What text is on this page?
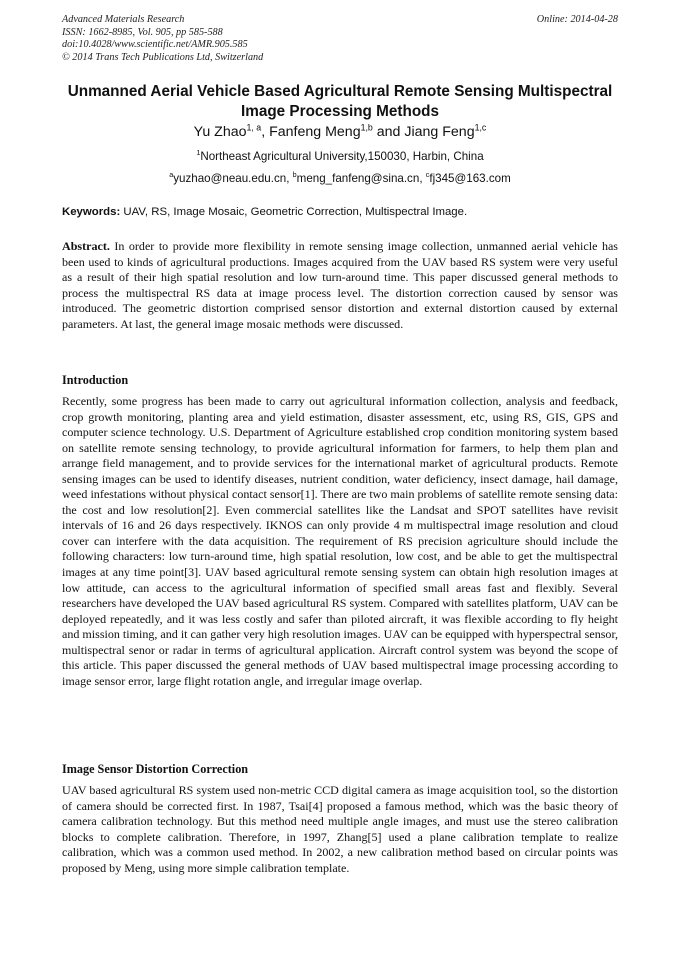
Advanced Materials Research
ISSN: 1662-8985, Vol. 905, pp 585-588
doi:10.4028/www.scientific.net/AMR.905.585
© 2014 Trans Tech Publications Ltd, Switzerland
Online: 2014-04-28
Unmanned Aerial Vehicle Based Agricultural Remote Sensing Multispectral Image Processing Methods
Yu Zhao$^{1, a}$, Fanfeng Meng$^{1,b}$ and Jiang Feng$^{1,c}$
$^1$Northeast Agricultural University,150030, Harbin, China
$^a$yuzhao@neau.edu.cn, $^b$meng_fanfeng@sina.cn, $^c$fj345@163.com
Keywords: UAV, RS, Image Mosaic, Geometric Correction, Multispectral Image.
Abstract. In order to provide more flexibility in remote sensing image collection, unmanned aerial vehicle has been used to kinds of agricultural productions. Images acquired from the UAV based RS system were very useful as a result of their high spatial resolution and low turn-around time. This paper discussed general methods to process the multispectral RS data at image process level. The distortion correction caused by sensor was introduced. The geometric distortion comprised sensor distortion and external distortion caused by external parameters. At last, the general image mosaic methods were discussed.
Introduction
Recently, some progress has been made to carry out agricultural information collection, analysis and feedback, crop growth monitoring, planting area and yield estimation, disaster assessment, etc, using RS, GIS, GPS and computer science technology. U.S. Department of Agriculture established crop condition monitoring system based on satellite remote sensing technology, to provide agricultural information for farmers, to help them plan and arrange field management, and to provide services for the international market of agricultural products. Remote sensing images can be used to identify diseases, nutrient condition, water deficiency, insect damage, hail damage, weed infestations without physical contact sensor[1]. There are two main problems of satellite remote sensing data: the cost and low resolution[2]. Even commercial satellites like the Landsat and SPOT satellites have revisit intervals of 16 and 26 days respectively. IKNOS can only provide 4 m multispectral image resolution and cloud cover can interfere with the data acquisition. The requirement of RS precision agriculture should include the following characters: low turn-around time, high spatial resolution, low cost, and be able to get the multispectral images at any time point[3]. UAV based agricultural remote sensing system can obtain high resolution images at low attitude, can access to the agricultural information of specified small areas fast and flexibly. Several researchers have developed the UAV based agricultural RS system. Compared with satellites platform, UAV can be deployed repeatedly, and it was less costly and safer than piloted aircraft, it was flexible according to fly height and mission timing, and it can gather very high resolution images. UAV can be equipped with hyperspectral sensor, multispectral senor or radar in terms of agricultural application. Aircraft control system was beyond the scope of this article. This paper discussed the general methods of UAV based multispectral image processing according to image sensor error, large flight rotation angle, and irregular image overlap.
Image Sensor Distortion Correction
UAV based agricultural RS system used non-metric CCD digital camera as image acquisition tool, so the distortion of camera should be corrected first. In 1987, Tsai[4] proposed a famous method, which was the basic theory of camera calibration technology. But this method need multiple angle images, and must use the stereo calibration blocks to complete calibration. Therefore, in 1997, Zhang[5] used a plane calibration template to realize calibration, which was a common used method. In 2002, a new calibration method based on circular points was proposed by Meng, using more simple calibration template.
